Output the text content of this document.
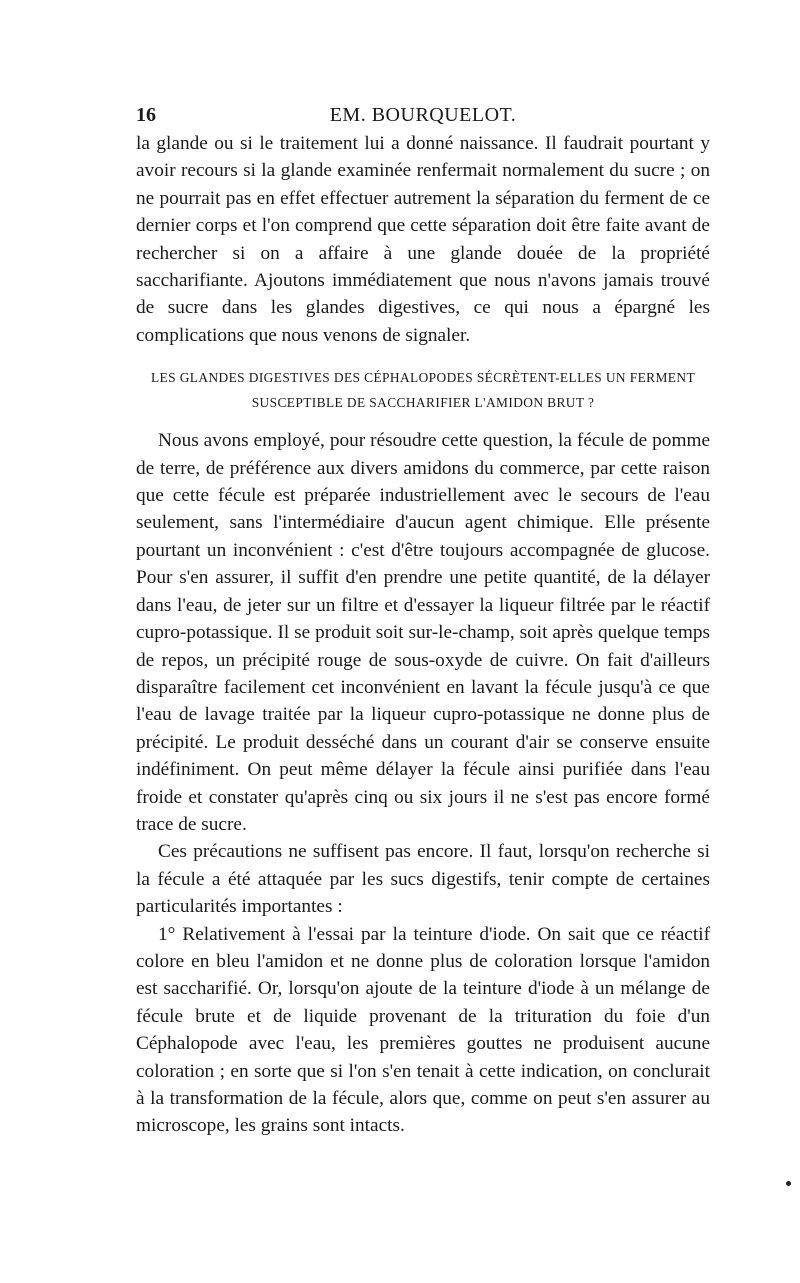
16	EM. BOURQUELOT.

la glande ou si le traitement lui a donné naissance. Il faudrait pourtant y avoir recours si la glande examinée renfermait normalement du sucre ; on ne pourrait pas en effet effectuer autrement la séparation du ferment de ce dernier corps et l'on comprend que cette séparation doit être faite avant de rechercher si on a affaire à une glande douée de la propriété saccharifiante. Ajoutons immédiatement que nous n'avons jamais trouvé de sucre dans les glandes digestives, ce qui nous a épargné les complications que nous venons de signaler.

LES GLANDES DIGESTIVES DES CÉPHALOPODES SÉCRÈTENT-ELLES UN FERMENT
SUSCEPTIBLE DE SACCHARIFIER L'AMIDON BRUT ?

Nous avons employé, pour résoudre cette question, la fécule de pomme de terre, de préférence aux divers amidons du commerce, par cette raison que cette fécule est préparée industriellement avec le secours de l'eau seulement, sans l'intermédiaire d'aucun agent chimique. Elle présente pourtant un inconvénient : c'est d'être toujours accompagnée de glucose. Pour s'en assurer, il suffit d'en prendre une petite quantité, de la délayer dans l'eau, de jeter sur un filtre et d'essayer la liqueur filtrée par le réactif cupro-potassique. Il se produit soit sur-le-champ, soit après quelque temps de repos, un précipité rouge de sous-oxyde de cuivre. On fait d'ailleurs disparaître facilement cet inconvénient en lavant la fécule jusqu'à ce que l'eau de lavage traitée par la liqueur cupro-potassique ne donne plus de précipité. Le produit desséché dans un courant d'air se conserve ensuite indéfiniment. On peut même délayer la fécule ainsi purifiée dans l'eau froide et constater qu'après cinq ou six jours il ne s'est pas encore formé trace de sucre.

Ces précautions ne suffisent pas encore. Il faut, lorsqu'on recherche si la fécule a été attaquée par les sucs digestifs, tenir compte de certaines particularités importantes :

1° Relativement à l'essai par la teinture d'iode. On sait que ce réactif colore en bleu l'amidon et ne donne plus de coloration lorsque l'amidon est saccharifié. Or, lorsqu'on ajoute de la teinture d'iode à un mélange de fécule brute et de liquide provenant de la trituration du foie d'un Céphalopode avec l'eau, les premières gouttes ne produisent aucune coloration ; en sorte que si l'on s'en tenait à cette indication, on conclurait à la transformation de la fécule, alors que, comme on peut s'en assurer au microscope, les grains sont intacts.
